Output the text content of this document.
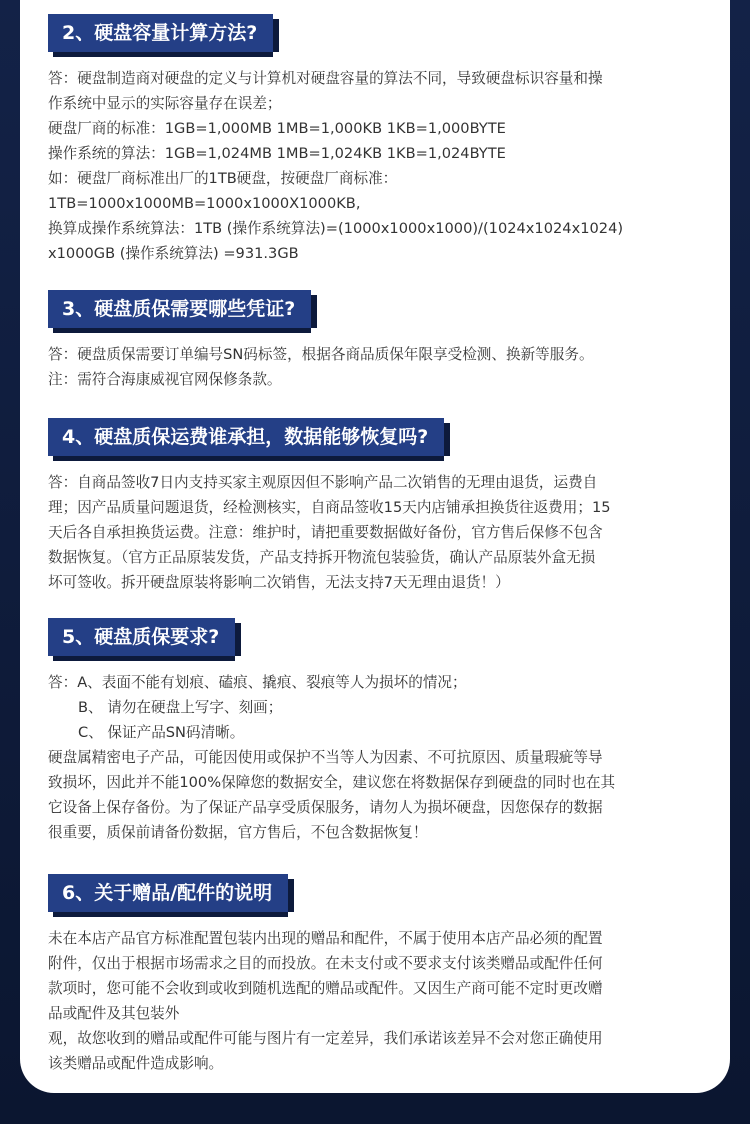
2、硬盘容量计算方法?
答：硬盘制造商对硬盘的定义与计算机对硬盘容量的算法不同，导致硬盘标识容量和操
作系统中显示的实际容量存在误差；
硬盘厂商的标准：1GB=1,000MB 1MB=1,000KB 1KB=1,000BYTE
操作系统的算法：1GB=1,024MB 1MB=1,024KB 1KB=1,024BYTE
如：硬盘厂商标准出厂的1TB硬盘，按硬盘厂商标准：
1TB=1000x1000MB=1000x1000X1000KB,
换算成操作系统算法：1TB (操作系统算法)=(1000x1000x1000)/(1024x1024x1024)
x1000GB (操作系统算法) =931.3GB
3、硬盘质保需要哪些凭证?
答：硬盘质保需要订单编号SN码标签，根据各商品质保年限享受检测、换新等服务。
注：需符合海康威视官网保修条款。
4、硬盘质保运费谁承担，数据能够恢复吗?
答：自商品签收7日内支持买家主观原因但不影响产品二次销售的无理由退货，运费自
理；因产品质量问题退货，经检测核实，自商品签收15天内店铺承担换货往返费用；15
天后各自承担换货运费。注意：维护时，请把重要数据做好备份，官方售后保修不包含
数据恢复。（官方正品原装发货，产品支持拆开物流包装验货，确认产品原装外盒无损
坏可签收。拆开硬盘原装将影响二次销售，无法支持7天无理由退货！）
5、硬盘质保要求?
答：A、表面不能有划痕、磕痕、撬痕、裂痕等人为损坏的情况；
B、 请勿在硬盘上写字、刻画；
C、 保证产品SN码清晰。
硬盘属精密电子产品，可能因使用或保护不当等人为因素、不可抗原因、质量瑕疵等导
致损坏，因此并不能100%保障您的数据安全，建议您在将数据保存到硬盘的同时也在其
它设备上保存备份。为了保证产品享受质保服务，请勿人为损坏硬盘，因您保存的数据
很重要，质保前请备份数据，官方售后，不包含数据恢复！
6、关于赠品/配件的说明
未在本店产品官方标准配置包装内出现的赠品和配件，不属于使用本店产品必须的配置
附件，仅出于根据市场需求之目的而投放。在未支付或不要求支付该类赠品或配件任何
款项时，您可能不会收到或收到随机选配的赠品或配件。又因生产商可能不定时更改赠
品或配件及其包装外
观，故您收到的赠品或配件可能与图片有一定差异，我们承诺该差异不会对您正确使用
该类赠品或配件造成影响。
